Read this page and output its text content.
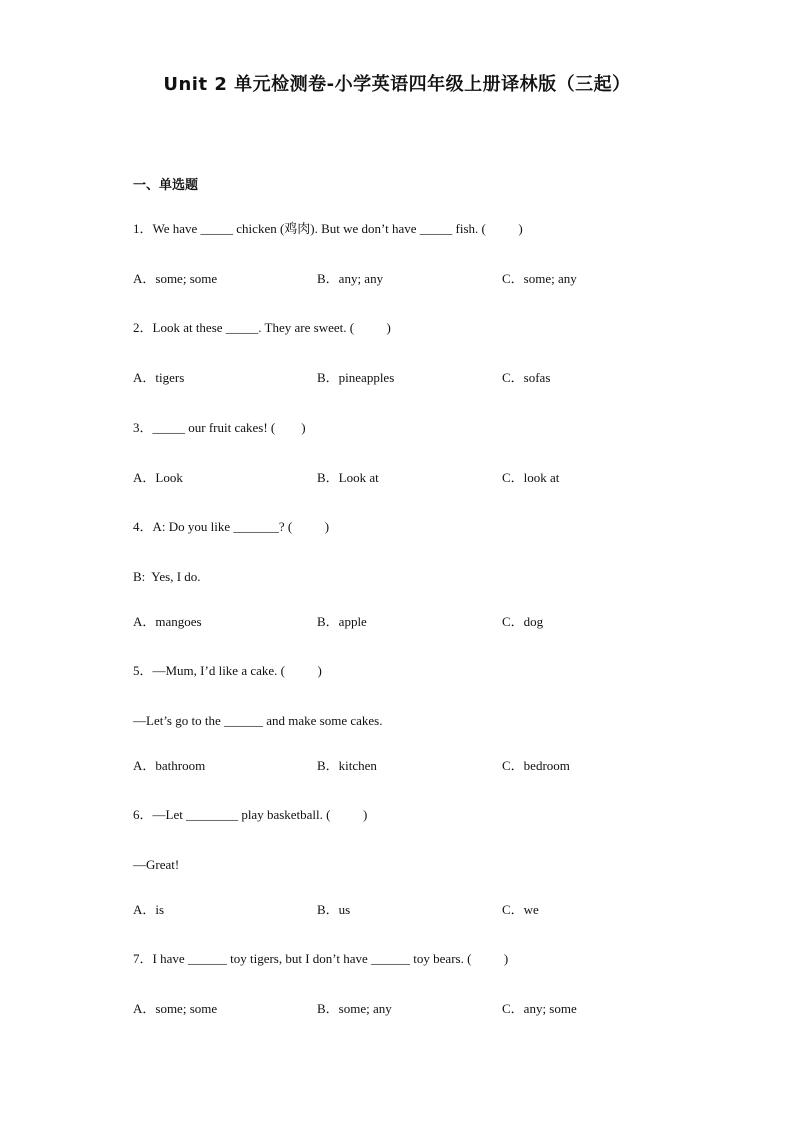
Unit 2 单元检测卷-小学英语四年级上册译林版（三起）
一、单选题
1．We have _____ chicken (鸡肉). But we don’t have _____ fish. (          )
A．some; some	B．any; any	C．some; any
2．Look at these _____. They are sweet. (          )
A．tigers	B．pineapples	C．sofas
3．_____ our fruit cakes! (        )
A．Look	B．Look at	C．look at
4．A: Do you like _______? (          )
B:  Yes, I do.
A．mangoes	B．apple	C．dog
5．—Mum, I’d like a cake. (          )
—Let’s go to the ______ and make some cakes.
A．bathroom	B．kitchen	C．bedroom
6．—Let ________ play basketball. (          )
—Great!
A．is	B．us	C．we
7．I have ______ toy tigers, but I don’t have ______ toy bears. (          )
A．some; some	B．some; any	C．any; some
